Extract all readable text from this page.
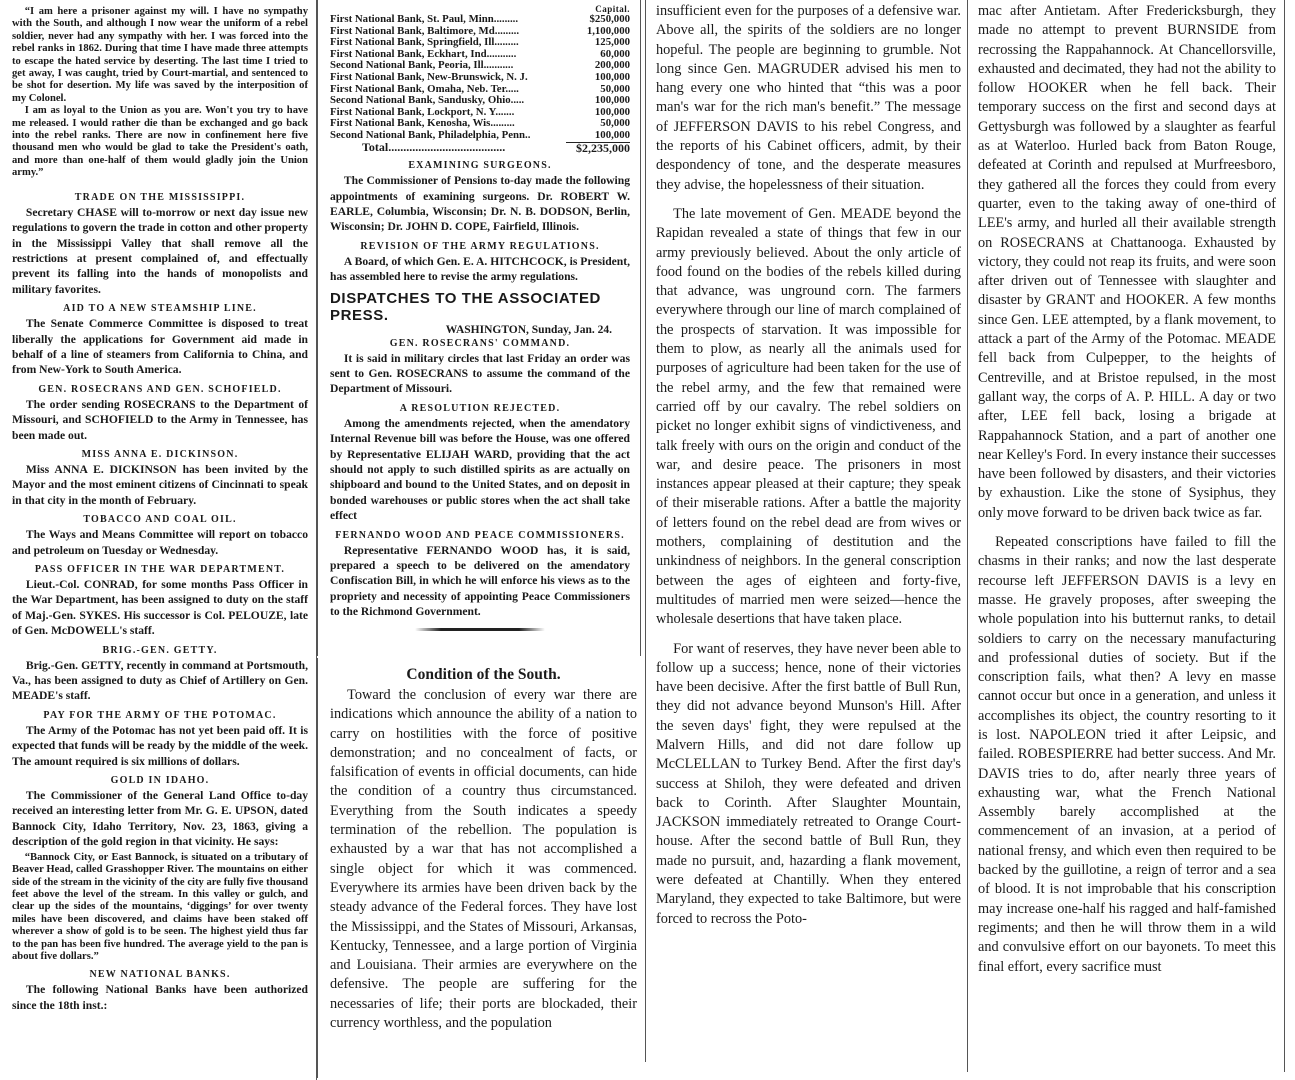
“I am here a prisoner against my will. I have no sympathy with the South, and although I now wear the uniform of a rebel soldier, never had any sympathy with her. I was forced into the rebel ranks in 1862. During that time I have made three attempts to escape the hated service by deserting. The last time I tried to get away, I was caught, tried by Court-martial, and sentenced to be shot for desertion. My life was saved by the interposition of my Colonel.

I am as loyal to the Union as you are. Won't you try to have me released. I would rather die than be exchanged and go back into the rebel ranks. There are now in confinement here five thousand men who would be glad to take the President's oath, and more than one-half of them would gladly join the Union army.”

TRADE ON THE MISSISSIPPI.

Secretary CHASE will to-morrow or next day issue new regulations to govern the trade in cotton and other property in the Mississippi Valley that shall remove all the restrictions at present complained of, and effectually prevent its falling into the hands of monopolists and military favorites.

AID TO A NEW STEAMSHIP LINE.

The Senate Commerce Committee is disposed to treat liberally the applications for Government aid made in behalf of a line of steamers from California to China, and from New-York to South America.

GEN. ROSECRANS AND GEN. SCHOFIELD.

The order sending ROSECRANS to the Department of Missouri, and SCHOFIELD to the Army in Tennessee, has been made out.

MISS ANNA E. DICKINSON.

Miss ANNA E. DICKINSON has been invited by the Mayor and the most eminent citizens of Cincinnati to speak in that city in the month of February.

TOBACCO AND COAL OIL.

The Ways and Means Committee will report on tobacco and petroleum on Tuesday or Wednesday.

PASS OFFICER IN THE WAR DEPARTMENT.

Lieut.-Col. CONRAD, for some months Pass Officer in the War Department, has been assigned to duty on the staff of Maj.-Gen. SYKES. His successor is Col. PELOUZE, late of Gen. McDOWELL's staff.

BRIG.-GEN. GETTY.

Brig.-Gen. GETTY, recently in command at Portsmouth, Va., has been assigned to duty as Chief of Artillery on Gen. MEADE's staff.

PAY FOR THE ARMY OF THE POTOMAC.

The Army of the Potomac has not yet been paid off. It is expected that funds will be ready by the middle of the week. The amount required is six millions of dollars.

GOLD IN IDAHO.

The Commissioner of the General Land Office to-day received an interesting letter from Mr. G. E. UPSON, dated Bannock City, Idaho Territory, Nov. 23, 1863, giving a description of the gold region in that vicinity. He says:

“Bannock City, or East Bannock, is situated on a tributary of Beaver Head, called Grasshopper River. The mountains on either side of the stream in the vicinity of the city are fully five thousand feet above the level of the stream. In this valley or gulch, and clear up the sides of the mountains, ‘diggings’ for over twenty miles have been discovered, and claims have been staked off wherever a show of gold is to be seen. The highest yield thus far to the pan has been five hundred. The average yield to the pan is about five dollars.”

NEW NATIONAL BANKS.

The following National Banks have been authorized since the 18th inst.:

Capital.
First National Bank, St. Paul, Minn.........	$250,000
First National Bank, Baltimore, Md.........	1,100,000
First National Bank, Springfield, Ill.........	125,000
First National Bank, Eckhart, Ind...........	60,000
Second National Bank, Peoria, Ill...........	200,000
First National Bank, New-Brunswick, N. J.	100,000
First National Bank, Omaha, Neb. Ter.....	50,000
Second National Bank, Sandusky, Ohio.....	100,000
First National Bank, Lockport, N. Y.......	100,000
First National Bank, Kenosha, Wis.........	50,000
Second National Bank, Philadelphia, Penn..	100,000
Total.......................................	$2,235,000
EXAMINING SURGEONS.

The Commissioner of Pensions to-day made the following appointments of examining surgeons. Dr. ROBERT W. EARLE, Columbia, Wisconsin; Dr. N. B. DODSON, Berlin, Wisconsin; Dr. JOHN D. COPE, Fairfield, Illinois.

REVISION OF THE ARMY REGULATIONS.

A Board, of which Gen. E. A. HITCHCOCK, is President, has assembled here to revise the army regulations.

DISPATCHES TO THE ASSOCIATED PRESS.
WASHINGTON, Sunday, Jan. 24.
GEN. ROSECRANS' COMMAND.

It is said in military circles that last Friday an order was sent to Gen. ROSECRANS to assume the command of the Department of Missouri.

A RESOLUTION REJECTED.

Among the amendments rejected, when the amendatory Internal Revenue bill was before the House, was one offered by Representative ELIJAH WARD, providing that the act should not apply to such distilled spirits as are actually on shipboard and bound to the United States, and on deposit in bonded warehouses or public stores when the act shall take effect

FERNANDO WOOD AND PEACE COMMISSIONERS.

Representative FERNANDO WOOD has, it is said, prepared a speech to be delivered on the amendatory Confiscation Bill, in which he will enforce his views as to the propriety and necessity of appointing Peace Commissioners to the Richmond Government.

Condition of the South.

Toward the conclusion of every war there are indications which announce the ability of a nation to carry on hostilities with the force of positive demonstration; and no concealment of facts, or falsification of events in official documents, can hide the condition of a country thus circumstanced. Everything from the South indicates a speedy termination of the rebellion. The population is exhausted by a war that has not accomplished a single object for which it was commenced. Everywhere its armies have been driven back by the steady advance of the Federal forces. They have lost the Mississippi, and the States of Missouri, Arkansas, Kentucky, Tennessee, and a large portion of Virginia and Louisiana. Their armies are everywhere on the defensive. The people are suffering for the necessaries of life; their ports are blockaded, their currency worthless, and the population

insufficient even for the purposes of a defensive war. Above all, the spirits of the soldiers are no longer hopeful. The people are beginning to grumble. Not long since Gen. MAGRUDER advised his men to hang every one who hinted that “this was a poor man's war for the rich man's benefit.” The message of JEFFERSON DAVIS to his rebel Congress, and the reports of his Cabinet officers, admit, by their despondency of tone, and the desperate measures they advise, the hopelessness of their situation.

The late movement of Gen. MEADE beyond the Rapidan revealed a state of things that few in our army previously believed. About the only article of food found on the bodies of the rebels killed during that advance, was unground corn. The farmers everywhere through our line of march complained of the prospects of starvation. It was impossible for them to plow, as nearly all the animals used for purposes of agriculture had been taken for the use of the rebel army, and the few that remained were carried off by our cavalry. The rebel soldiers on picket no longer exhibit signs of vindictiveness, and talk freely with ours on the origin and conduct of the war, and desire peace. The prisoners in most instances appear pleased at their capture; they speak of their miserable rations. After a battle the majority of letters found on the rebel dead are from wives or mothers, complaining of destitution and the unkindness of neighbors. In the general conscription between the ages of eighteen and forty-five, multitudes of married men were seized—hence the wholesale desertions that have taken place.

For want of reserves, they have never been able to follow up a success; hence, none of their victories have been decisive. After the first battle of Bull Run, they did not advance beyond Munson's Hill. After the seven days' fight, they were repulsed at the Malvern Hills, and did not dare follow up McCLELLAN to Turkey Bend. After the first day's success at Shiloh, they were defeated and driven back to Corinth. After Slaughter Mountain, JACKSON immediately retreated to Orange Court-house. After the second battle of Bull Run, they made no pursuit, and, hazarding a flank movement, were defeated at Chantilly. When they entered Maryland, they expected to take Baltimore, but were forced to recross the Poto-

mac after Antietam. After Fredericksburgh, they made no attempt to prevent BURNSIDE from recrossing the Rappahannock. At Chancellorsville, exhausted and decimated, they had not the ability to follow HOOKER when he fell back. Their temporary success on the first and second days at Gettysburgh was followed by a slaughter as fearful as at Waterloo. Hurled back from Baton Rouge, defeated at Corinth and repulsed at Murfreesboro, they gathered all the forces they could from every quarter, even to the taking away of one-third of LEE's army, and hurled all their available strength on ROSECRANS at Chattanooga. Exhausted by victory, they could not reap its fruits, and were soon after driven out of Tennessee with slaughter and disaster by GRANT and HOOKER. A few months since Gen. LEE attempted, by a flank movement, to attack a part of the Army of the Potomac. MEADE fell back from Culpepper, to the heights of Centreville, and at Bristoe repulsed, in the most gallant way, the corps of A. P. HILL. A day or two after, LEE fell back, losing a brigade at Rappahannock Station, and a part of another one near Kelley's Ford. In every instance their successes have been followed by disasters, and their victories by exhaustion. Like the stone of Sysiphus, they only move forward to be driven back twice as far.

Repeated conscriptions have failed to fill the chasms in their ranks; and now the last desperate recourse left JEFFERSON DAVIS is a levy en masse. He gravely proposes, after sweeping the whole population into his butternut ranks, to detail soldiers to carry on the necessary manufacturing and professional duties of society. But if the conscription fails, what then? A levy en masse cannot occur but once in a generation, and unless it accomplishes its object, the country resorting to it is lost. NAPOLEON tried it after Leipsic, and failed. ROBESPIERRE had better success. And Mr. DAVIS tries to do, after nearly three years of exhausting war, what the French National Assembly barely accomplished at the commencement of an invasion, at a period of national frensy, and which even then required to be backed by the guillotine, a reign of terror and a sea of blood. It is not improbable that his conscription may increase one-half his ragged and half-famished regiments; and then he will throw them in a wild and convulsive effort on our bayonets. To meet this final effort, every sacrifice must
